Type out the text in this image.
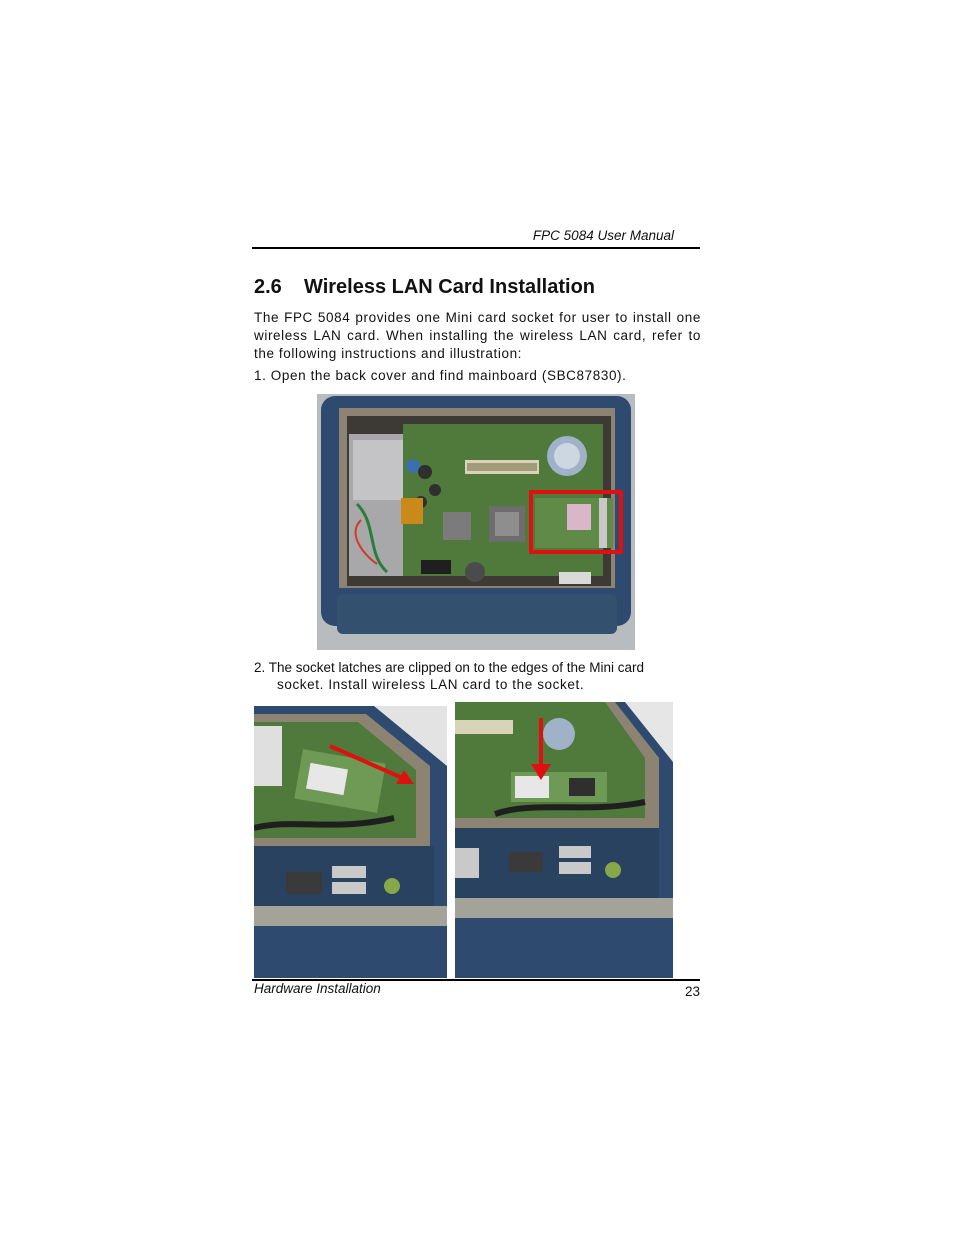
FPC 5084 User Manual
2.6 Wireless LAN Card Installation
The FPC 5084 provides one Mini card socket for user to install one wireless LAN card. When installing the wireless LAN card, refer to the following instructions and illustration:
1. Open the back cover and find mainboard (SBC87830).
2. The socket latches are clipped on to the edges of the Mini card
socket. Install wireless LAN card to the socket.
Hardware Installation	23
